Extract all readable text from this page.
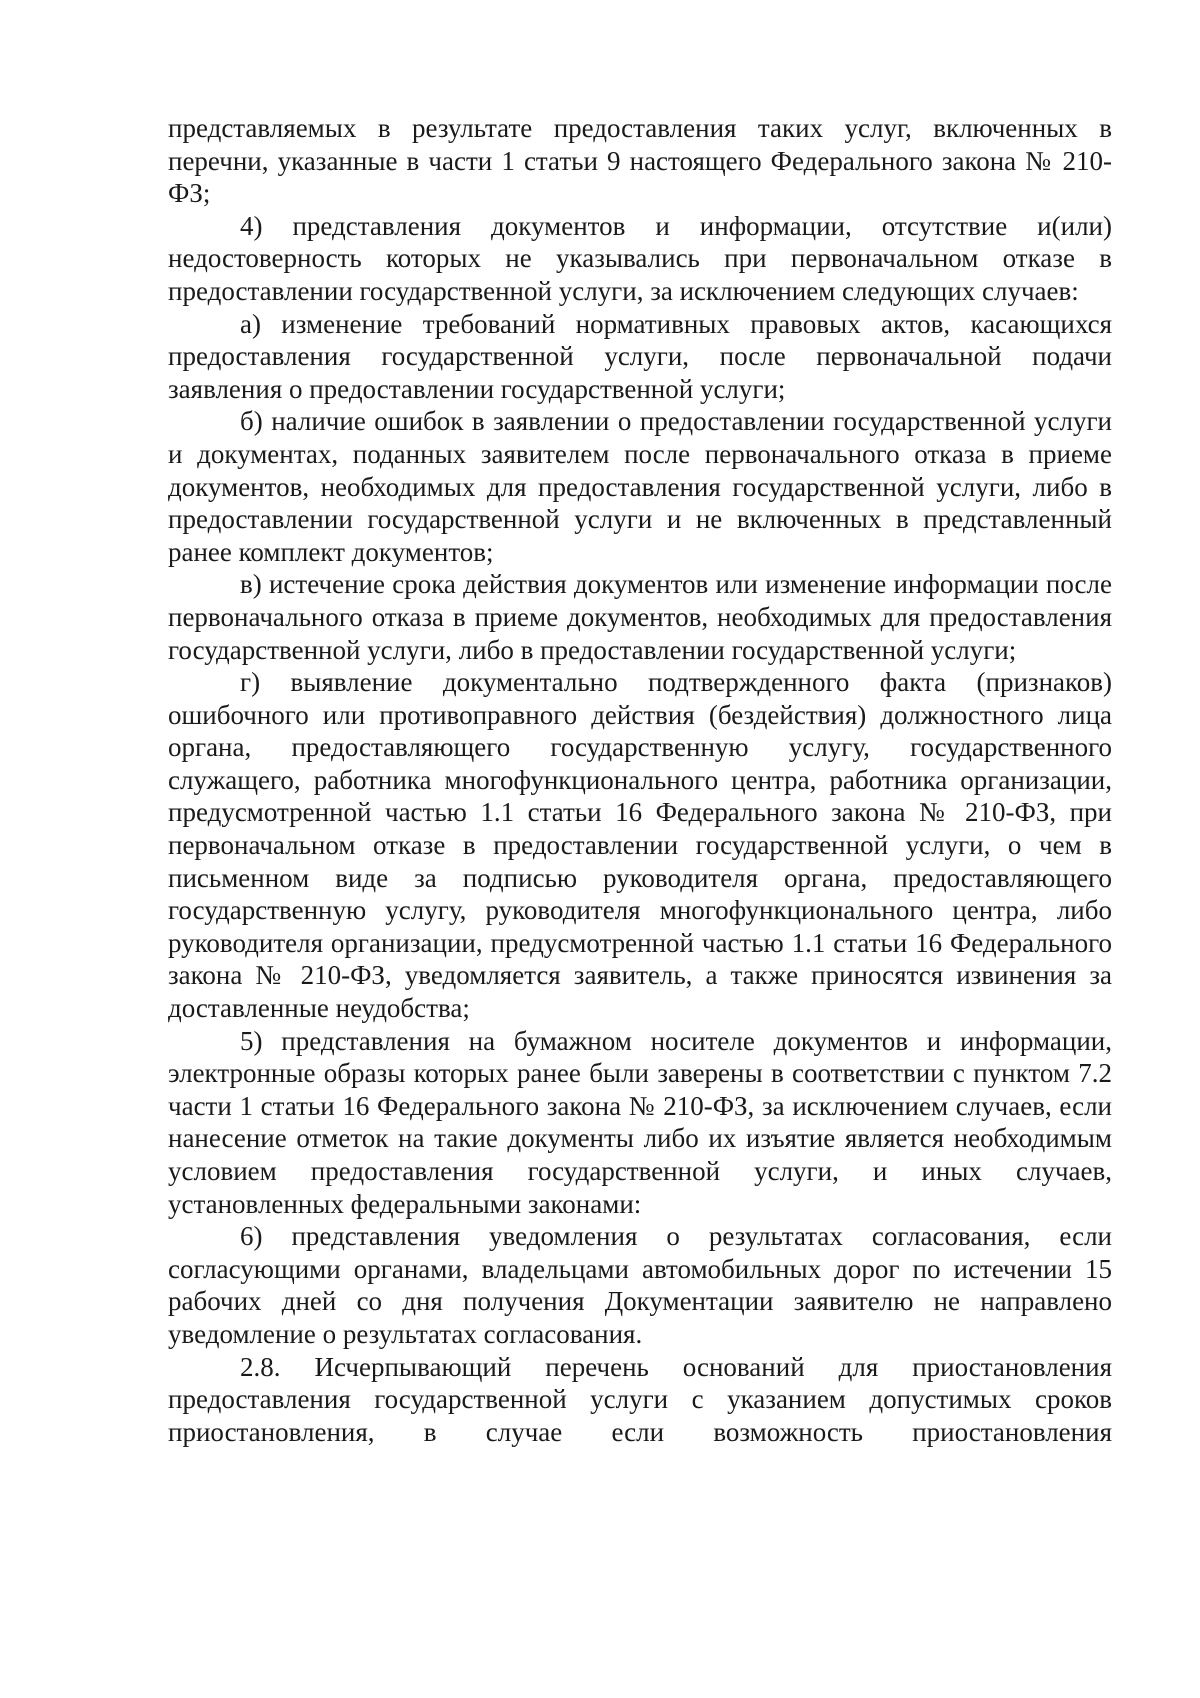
представляемых в результате предоставления таких услуг, включенных в перечни, указанные в части 1 статьи 9 настоящего Федерального закона № 210-ФЗ;

4) представления документов и информации, отсутствие и(или) недостоверность которых не указывались при первоначальном отказе в предоставлении государственной услуги, за исключением следующих случаев:

а) изменение требований нормативных правовых актов, касающихся предоставления государственной услуги, после первоначальной подачи заявления о предоставлении государственной услуги;

б) наличие ошибок в заявлении о предоставлении государственной услуги и документах, поданных заявителем после первоначального отказа в приеме документов, необходимых для предоставления государственной услуги, либо в предоставлении государственной услуги и не включенных в представленный ранее комплект документов;

в) истечение срока действия документов или изменение информации после первоначального отказа в приеме документов, необходимых для предоставления государственной услуги, либо в предоставлении государственной услуги;

г) выявление документально подтвержденного факта (признаков) ошибочного или противоправного действия (бездействия) должностного лица органа, предоставляющего государственную услугу, государственного служащего, работника многофункционального центра, работника организации, предусмотренной частью 1.1 статьи 16 Федерального закона № 210-ФЗ, при первоначальном отказе в предоставлении государственной услуги, о чем в письменном виде за подписью руководителя органа, предоставляющего государственную услугу, руководителя многофункционального центра, либо руководителя организации, предусмотренной частью 1.1 статьи 16 Федерального закона № 210-ФЗ, уведомляется заявитель, а также приносятся извинения за доставленные неудобства;

5) представления на бумажном носителе документов и информации, электронные образы которых ранее были заверены в соответствии с пунктом 7.2 части 1 статьи 16 Федерального закона № 210-ФЗ, за исключением случаев, если нанесение отметок на такие документы либо их изъятие является необходимым условием предоставления государственной услуги, и иных случаев, установленных федеральными законами:

6) представления уведомления о результатах согласования, если согласующими органами, владельцами автомобильных дорог по истечении 15 рабочих дней со дня получения Документации заявителю не направлено уведомление о результатах согласования.

2.8. Исчерпывающий перечень оснований для приостановления предоставления государственной услуги с указанием допустимых сроков приостановления, в случае если возможность приостановления
